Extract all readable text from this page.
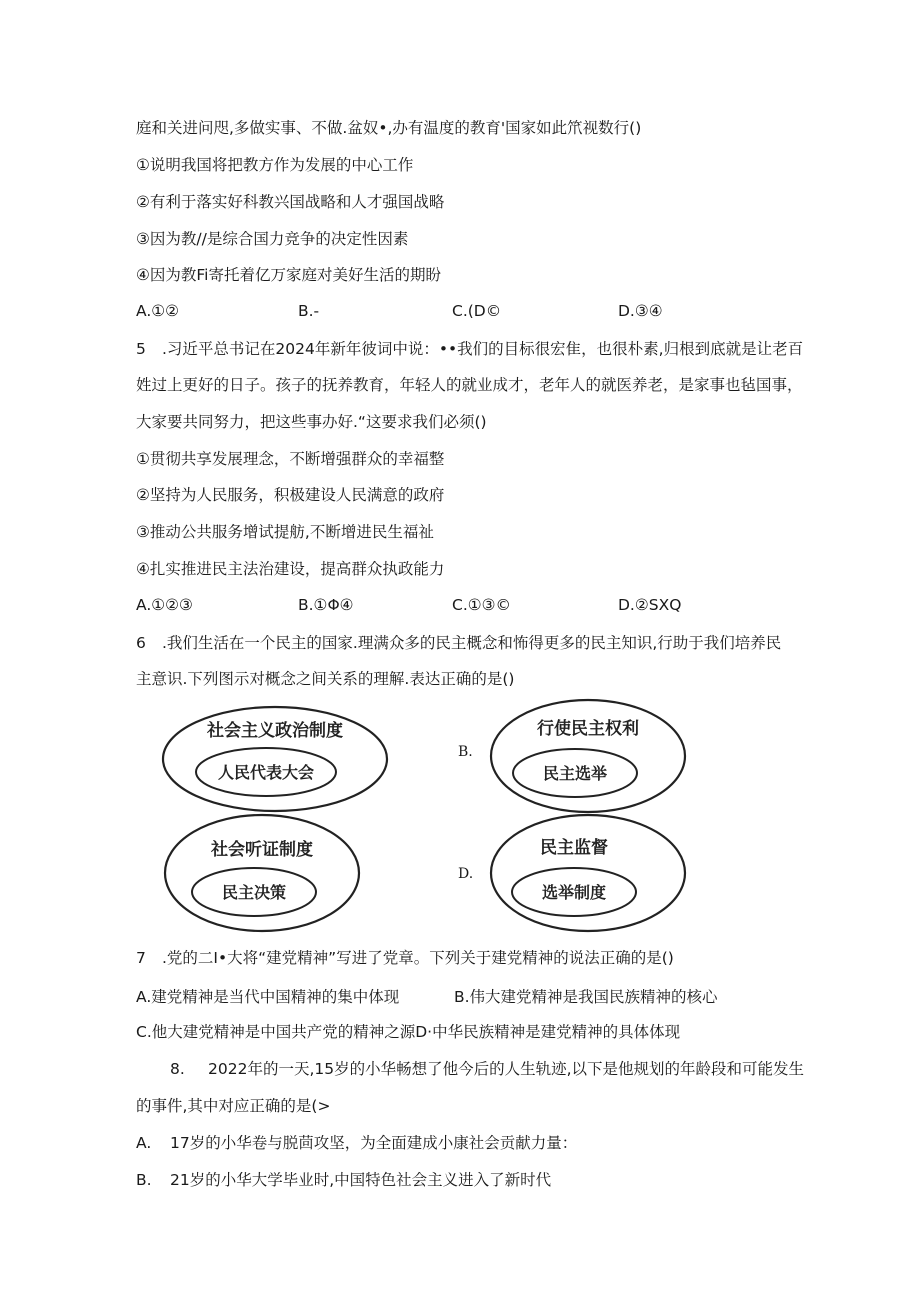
庭和关进问咫,多做实事、不做.盆奴•,办有温度的教育'国家如此笊视数行()
①说明我国将把教方作为发展的中心工作
②有利于落实好科教兴国战略和人才强国战略
③因为教∕/是综合国力竞争的决定性因素
④因为教Fi寄托着亿万家庭对美好生活的期盼
A.①②	B.-	C.(D©	D.③④
5 .习近平总书记在2024年新年彼词中说：••我们的目标很宏隹，也很朴素,归根到底就是让老百
姓过上更好的日子。孩子的抚养教育，年轻人的就业成才，老年人的就医养老，是家事也毡国事，
大家要共同努力，把这些事办好.“这要求我们必须()
①贯彻共享发展理念，不断增强群众的幸福整
②坚持为人民服务，积极建设人民满意的政府
③推动公共服务增试提舫,不断增进民生福祉
④扎实推进民主法治建设，提高群众执政能力
A.①②③	B.①Φ④	C.①③©	D.②SXQ
6 .我们生活在一个民主的国家.理满众多的民主概念和怖得更多的民主知识,行助于我们培养民
主意识.下列图示对概念之间关系的理解.表达正确的是()
社会主义政治制度
人民代表大会
B.
行使民主权利
民主选举
社会听证制度
民主决策
D.
民主监督
选举制度
7 .党的二I•大将“建党精神”写进了党章。下列关于建党精神的说法正确的是()
A.建党精神是当代中国精神的集中体现	B.伟大建党精神是我国民族精神的核心
C.他大建党精神是中国共产党的精神之源D·中华民族精神是建党精神的具体体现
8. 2022年的一天,15岁的小华畅想了他今后的人生轨迹,以下是他规划的年龄段和可能发生
的事件,其中对应正确的是(>
A. 17岁的小华卷与脱茴攻坚，为全面建成小康社会贡献力量：
B. 21岁的小华大学毕业时,中国特色社会主义进入了新时代
